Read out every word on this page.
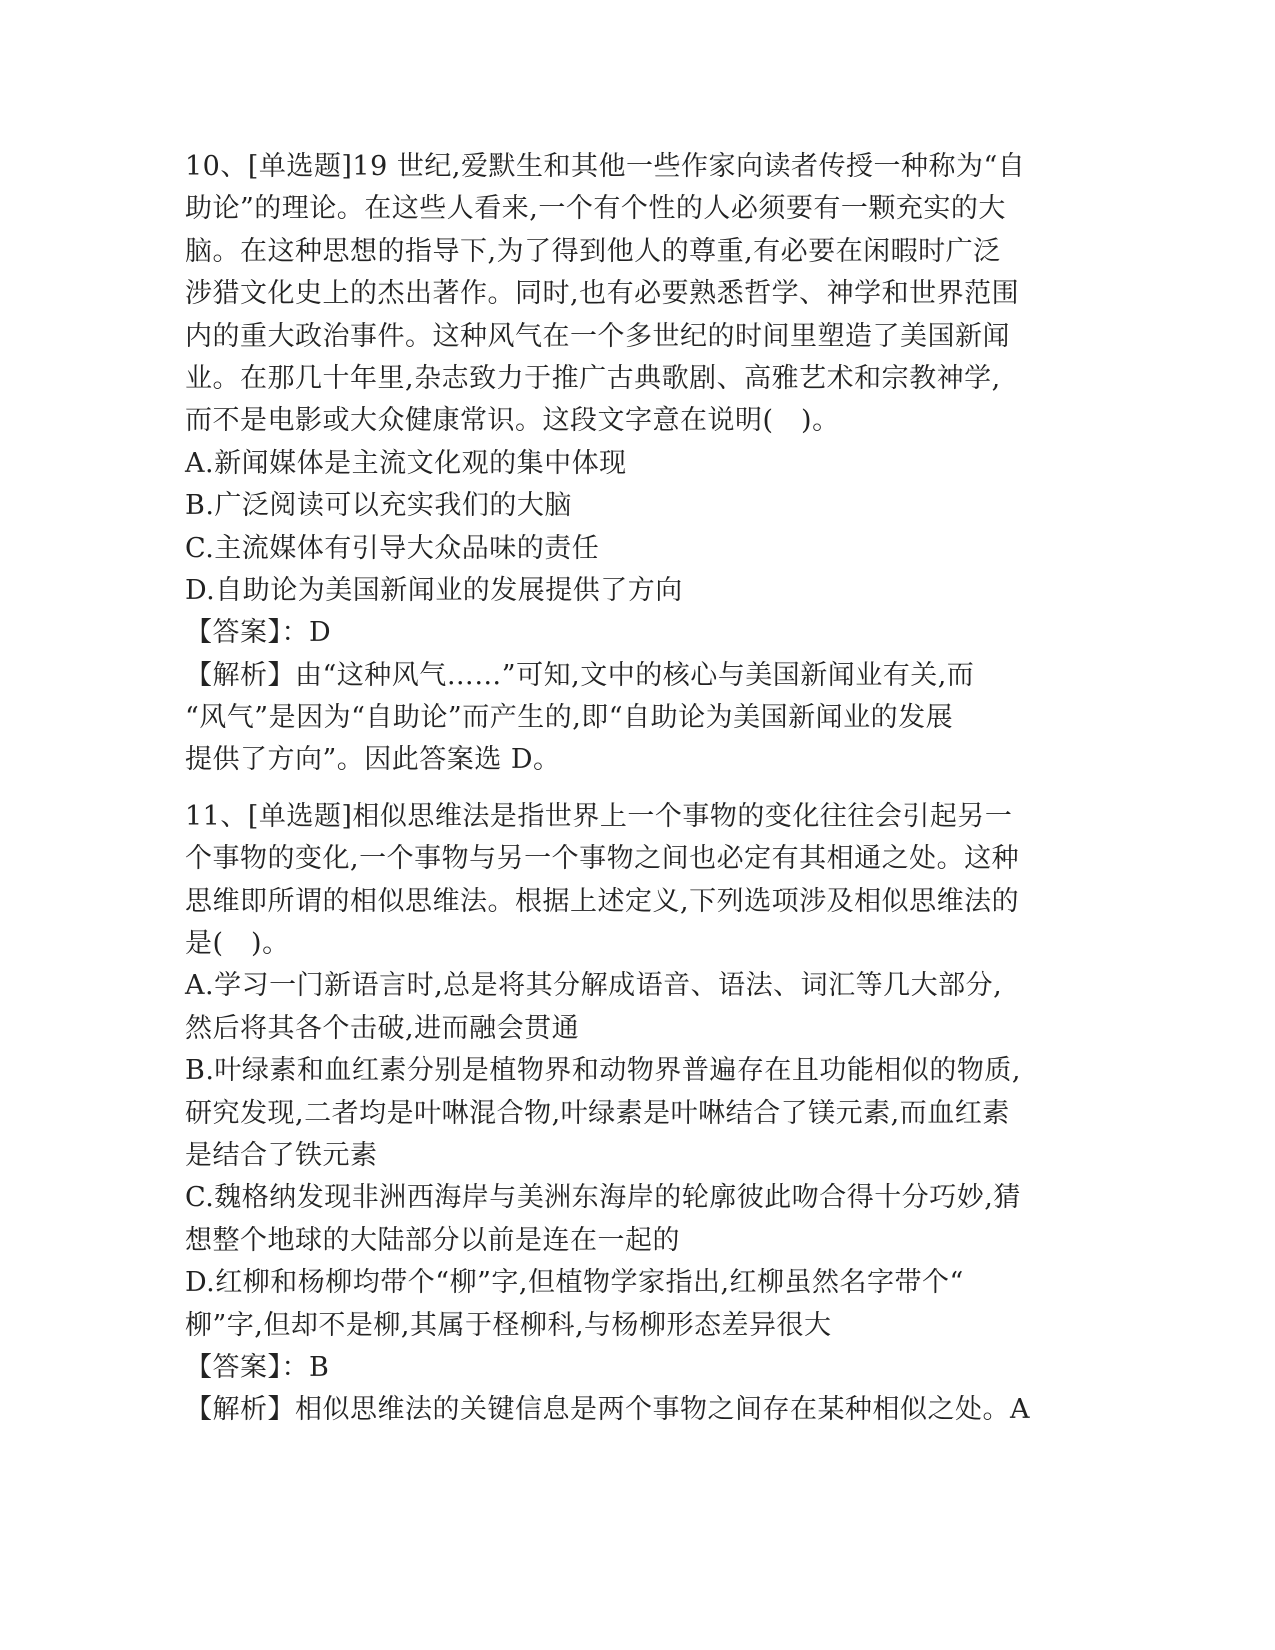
10、[单选题]19 世纪,爱默生和其他一些作家向读者传授一种称为“自
助论”的理论。在这些人看来,一个有个性的人必须要有一颗充实的大
脑。在这种思想的指导下,为了得到他人的尊重,有必要在闲暇时广泛
涉猎文化史上的杰出著作。同时,也有必要熟悉哲学、神学和世界范围
内的重大政治事件。这种风气在一个多世纪的时间里塑造了美国新闻
业。在那几十年里,杂志致力于推广古典歌剧、高雅艺术和宗教神学,
而不是电影或大众健康常识。这段文字意在说明(　)。
A.新闻媒体是主流文化观的集中体现
B.广泛阅读可以充实我们的大脑
C.主流媒体有引导大众品味的责任
D.自助论为美国新闻业的发展提供了方向
【答案】：D
【解析】由“这种风气……”可知,文中的核心与美国新闻业有关,而
“风气”是因为“自助论”而产生的,即“自助论为美国新闻业的发展
提供了方向”。因此答案选 D。
11、[单选题]相似思维法是指世界上一个事物的变化往往会引起另一
个事物的变化,一个事物与另一个事物之间也必定有其相通之处。这种
思维即所谓的相似思维法。根据上述定义,下列选项涉及相似思维法的
是(　)。
A.学习一门新语言时,总是将其分解成语音、语法、词汇等几大部分,
然后将其各个击破,进而融会贯通
B.叶绿素和血红素分别是植物界和动物界普遍存在且功能相似的物质,
研究发现,二者均是叶啉混合物,叶绿素是叶啉结合了镁元素,而血红素
是结合了铁元素
C.魏格纳发现非洲西海岸与美洲东海岸的轮廓彼此吻合得十分巧妙,猜
想整个地球的大陆部分以前是连在一起的
D.红柳和杨柳均带个“柳”字,但植物学家指出,红柳虽然名字带个“
柳”字,但却不是柳,其属于柽柳科,与杨柳形态差异很大
【答案】：B
【解析】相似思维法的关键信息是两个事物之间存在某种相似之处。A
